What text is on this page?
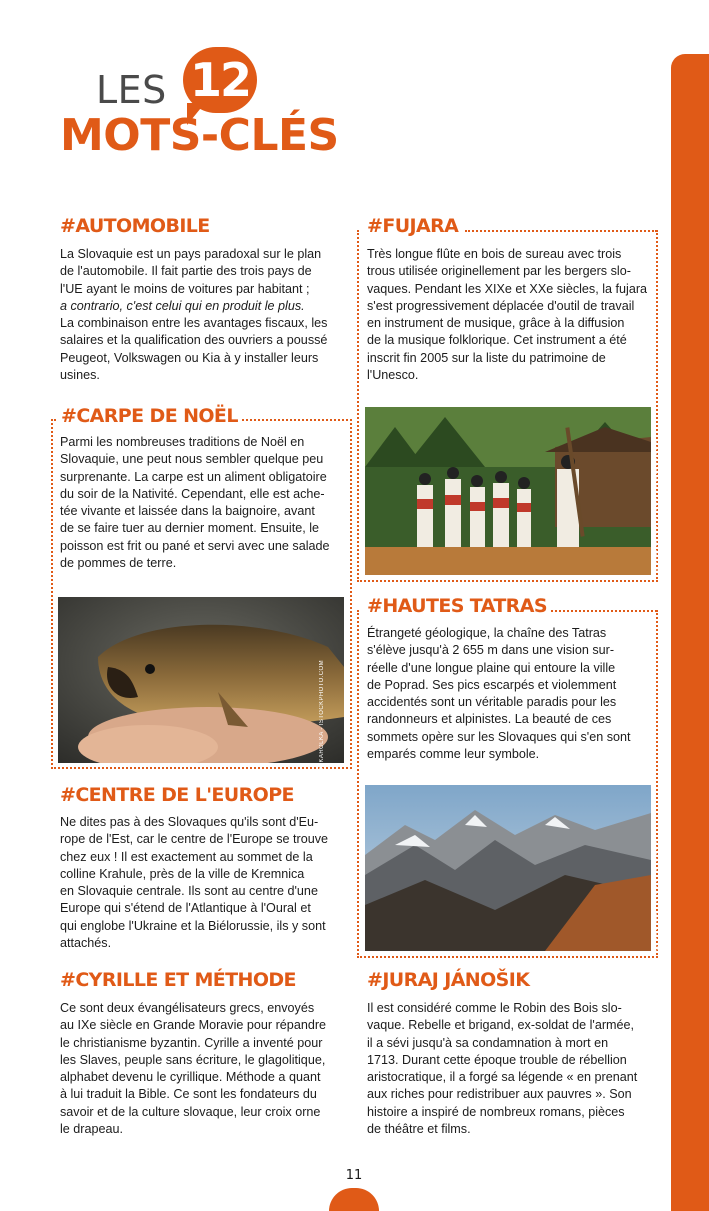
LES 12
MOTS-CLÉS
#AUTOMOBILE

La Slovaquie est un pays paradoxal sur le plan

de l'automobile. Il fait partie des trois pays de

l'UE ayant le moins de voitures par habitant ;

a contrario, c'est celui qui en produit le plus.

La combinaison entre les avantages fiscaux, les

salaires et la qualification des ouvriers a poussé

Peugeot, Volkswagen ou Kia à y installer leurs

usines.

#CARPE DE NOËL

Parmi les nombreuses traditions de Noël en

Slovaquie, une peut nous sembler quelque peu

surprenante. La carpe est un aliment obligatoire

du soir de la Nativité. Cependant, elle est ache-

tée vivante et laissée dans la baignoire, avant

de se faire tuer au dernier moment. Ensuite, le

poisson est frit ou pané et servi avec une salade

de pommes de terre.

© MARCIN KAROLKA - ISTOCKPHOTO.COM
#CENTRE DE L'EUROPE

Ne dites pas à des Slovaques qu'ils sont d'Eu-

rope de l'Est, car le centre de l'Europe se trouve

chez eux ! Il est exactement au sommet de la

colline Krahule, près de la ville de Kremnica

en Slovaquie centrale. Ils sont au centre d'une

Europe qui s'étend de l'Atlantique à l'Oural et

qui englobe l'Ukraine et la Biélorussie, ils y sont

attachés.

#CYRILLE ET MÉTHODE

Ce sont deux évangélisateurs grecs, envoyés

au IXe siècle en Grande Moravie pour répandre

le christianisme byzantin. Cyrille a inventé pour

les Slaves, peuple sans écriture, le glagolitique,

alphabet devenu le cyrillique. Méthode a quant

à lui traduit la Bible. Ce sont les fondateurs du

savoir et de la culture slovaque, leur croix orne

le drapeau.

#FUJARA

Très longue flûte en bois de sureau avec trois

trous utilisée originellement par les bergers slo-

vaques. Pendant les XIXe et XXe siècles, la fujara

s'est progressivement déplacée d'outil de travail

en instrument de musique, grâce à la diffusion

de la musique folklorique. Cet instrument a été

inscrit fin 2005 sur la liste du patrimoine de

l'Unesco.

© MICHAL KNITL - SHUTTERSTOCK.COM
#HAUTES TATRAS

Étrangeté géologique, la chaîne des Tatras

s'élève jusqu'à 2 655 m dans une vision sur-

réelle d'une longue plaine qui entoure la ville

de Poprad. Ses pics escarpés et violemment

accidentés sont un véritable paradis pour les

randonneurs et alpinistes. La beauté de ces

sommets opère sur les Slovaques qui s'en sont

emparés comme leur symbole.

© DZIEWUL - ISTOCKPHOTO.COM
#JURAJ JÁNOŠIK

Il est considéré comme le Robin des Bois slo-

vaque. Rebelle et brigand, ex-soldat de l'armée,

il a sévi jusqu'à sa condamnation à mort en

1713. Durant cette époque trouble de rébellion

aristocratique, il a forgé sa légende « en prenant

aux riches pour redistribuer aux pauvres ». Son

histoire a inspiré de nombreux romans, pièces

de théâtre et films.

11
